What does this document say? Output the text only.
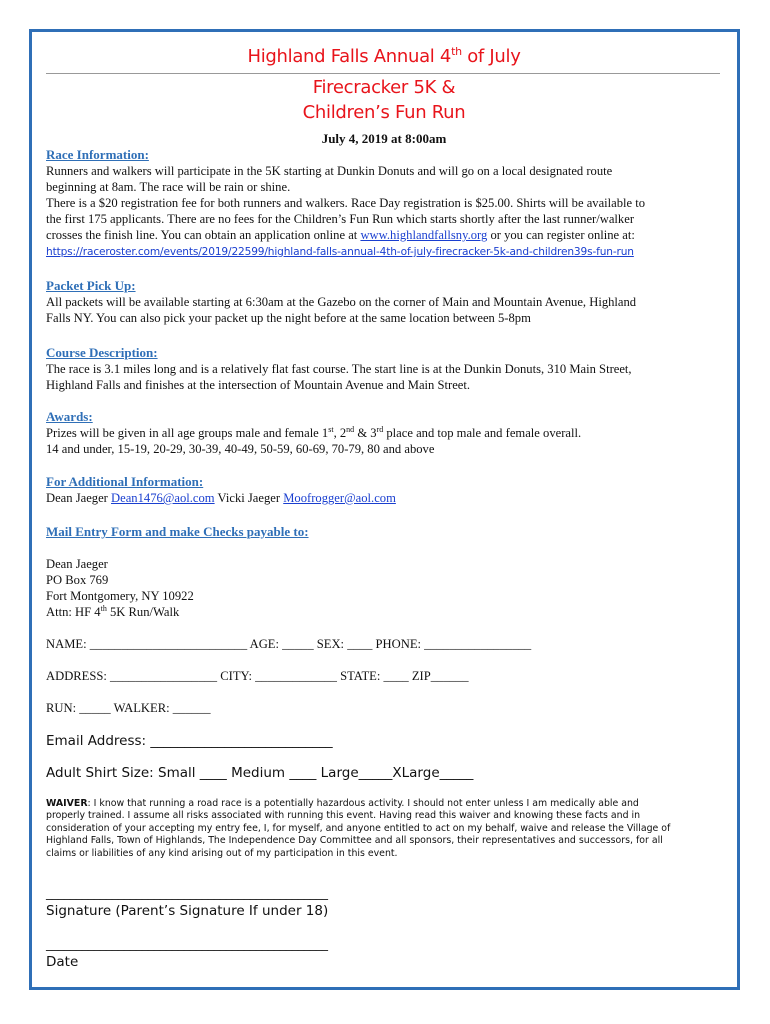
Highland Falls Annual 4th of July
Firecracker 5K &
Children’s Fun Run
July 4, 2019 at 8:00am
Race Information:
Runners and walkers will participate in the 5K starting at Dunkin Donuts and will go on a local designated route
beginning at 8am. The race will be rain or shine.
There is a $20 registration fee for both runners and walkers. Race Day registration is $25.00. Shirts will be available to
the first 175 applicants. There are no fees for the Children’s Fun Run which starts shortly after the last runner/walker
crosses the finish line. You can obtain an application online at www.highlandfallsny.org or you can register online at:
https://raceroster.com/events/2019/22599/highland-falls-annual-4th-of-july-firecracker-5k-and-children39s-fun-run
Packet Pick Up:
All packets will be available starting at 6:30am at the Gazebo on the corner of Main and Mountain Avenue, Highland
Falls NY. You can also pick your packet up the night before at the same location between 5-8pm
Course Description:
The race is 3.1 miles long and is a relatively flat fast course. The start line is at the Dunkin Donuts, 310 Main Street,
Highland Falls and finishes at the intersection of Mountain Avenue and Main Street.
Awards:
Prizes will be given in all age groups male and female 1st, 2nd & 3rd place and top male and female overall.
14 and under, 15-19, 20-29, 30-39, 40-49, 50-59, 60-69, 70-79, 80 and above
For Additional Information:
Dean Jaeger Dean1476@aol.com Vicki Jaeger Moofrogger@aol.com
Mail Entry Form and make Checks payable to:
Dean Jaeger
PO Box 769
Fort Montgomery, NY 10922
Attn: HF 4th 5K Run/Walk
NAME: _________________________ AGE: _____ SEX: ____ PHONE: _________________
ADDRESS: _________________ CITY: _____________ STATE: ____ ZIP______
RUN: _____ WALKER: ______
Email Address: ___________________________
Adult Shirt Size: Small ____ Medium ____ Large_____XLarge_____
WAIVER: I know that running a road race is a potentially hazardous activity. I should not enter unless I am medically able and
properly trained. I assume all risks associated with running this event. Having read this waiver and knowing these facts and in
consideration of your accepting my entry fee, I, for myself, and anyone entitled to act on my behalf, waive and release the Village of
Highland Falls, Town of Highlands, The Independence Day Committee and all sponsors, their representatives and successors, for all
claims or liabilities of any kind arising out of my participation in this event.
_______________________________________________
Signature (Parent’s Signature If under 18)
_______________________________________________
Date
